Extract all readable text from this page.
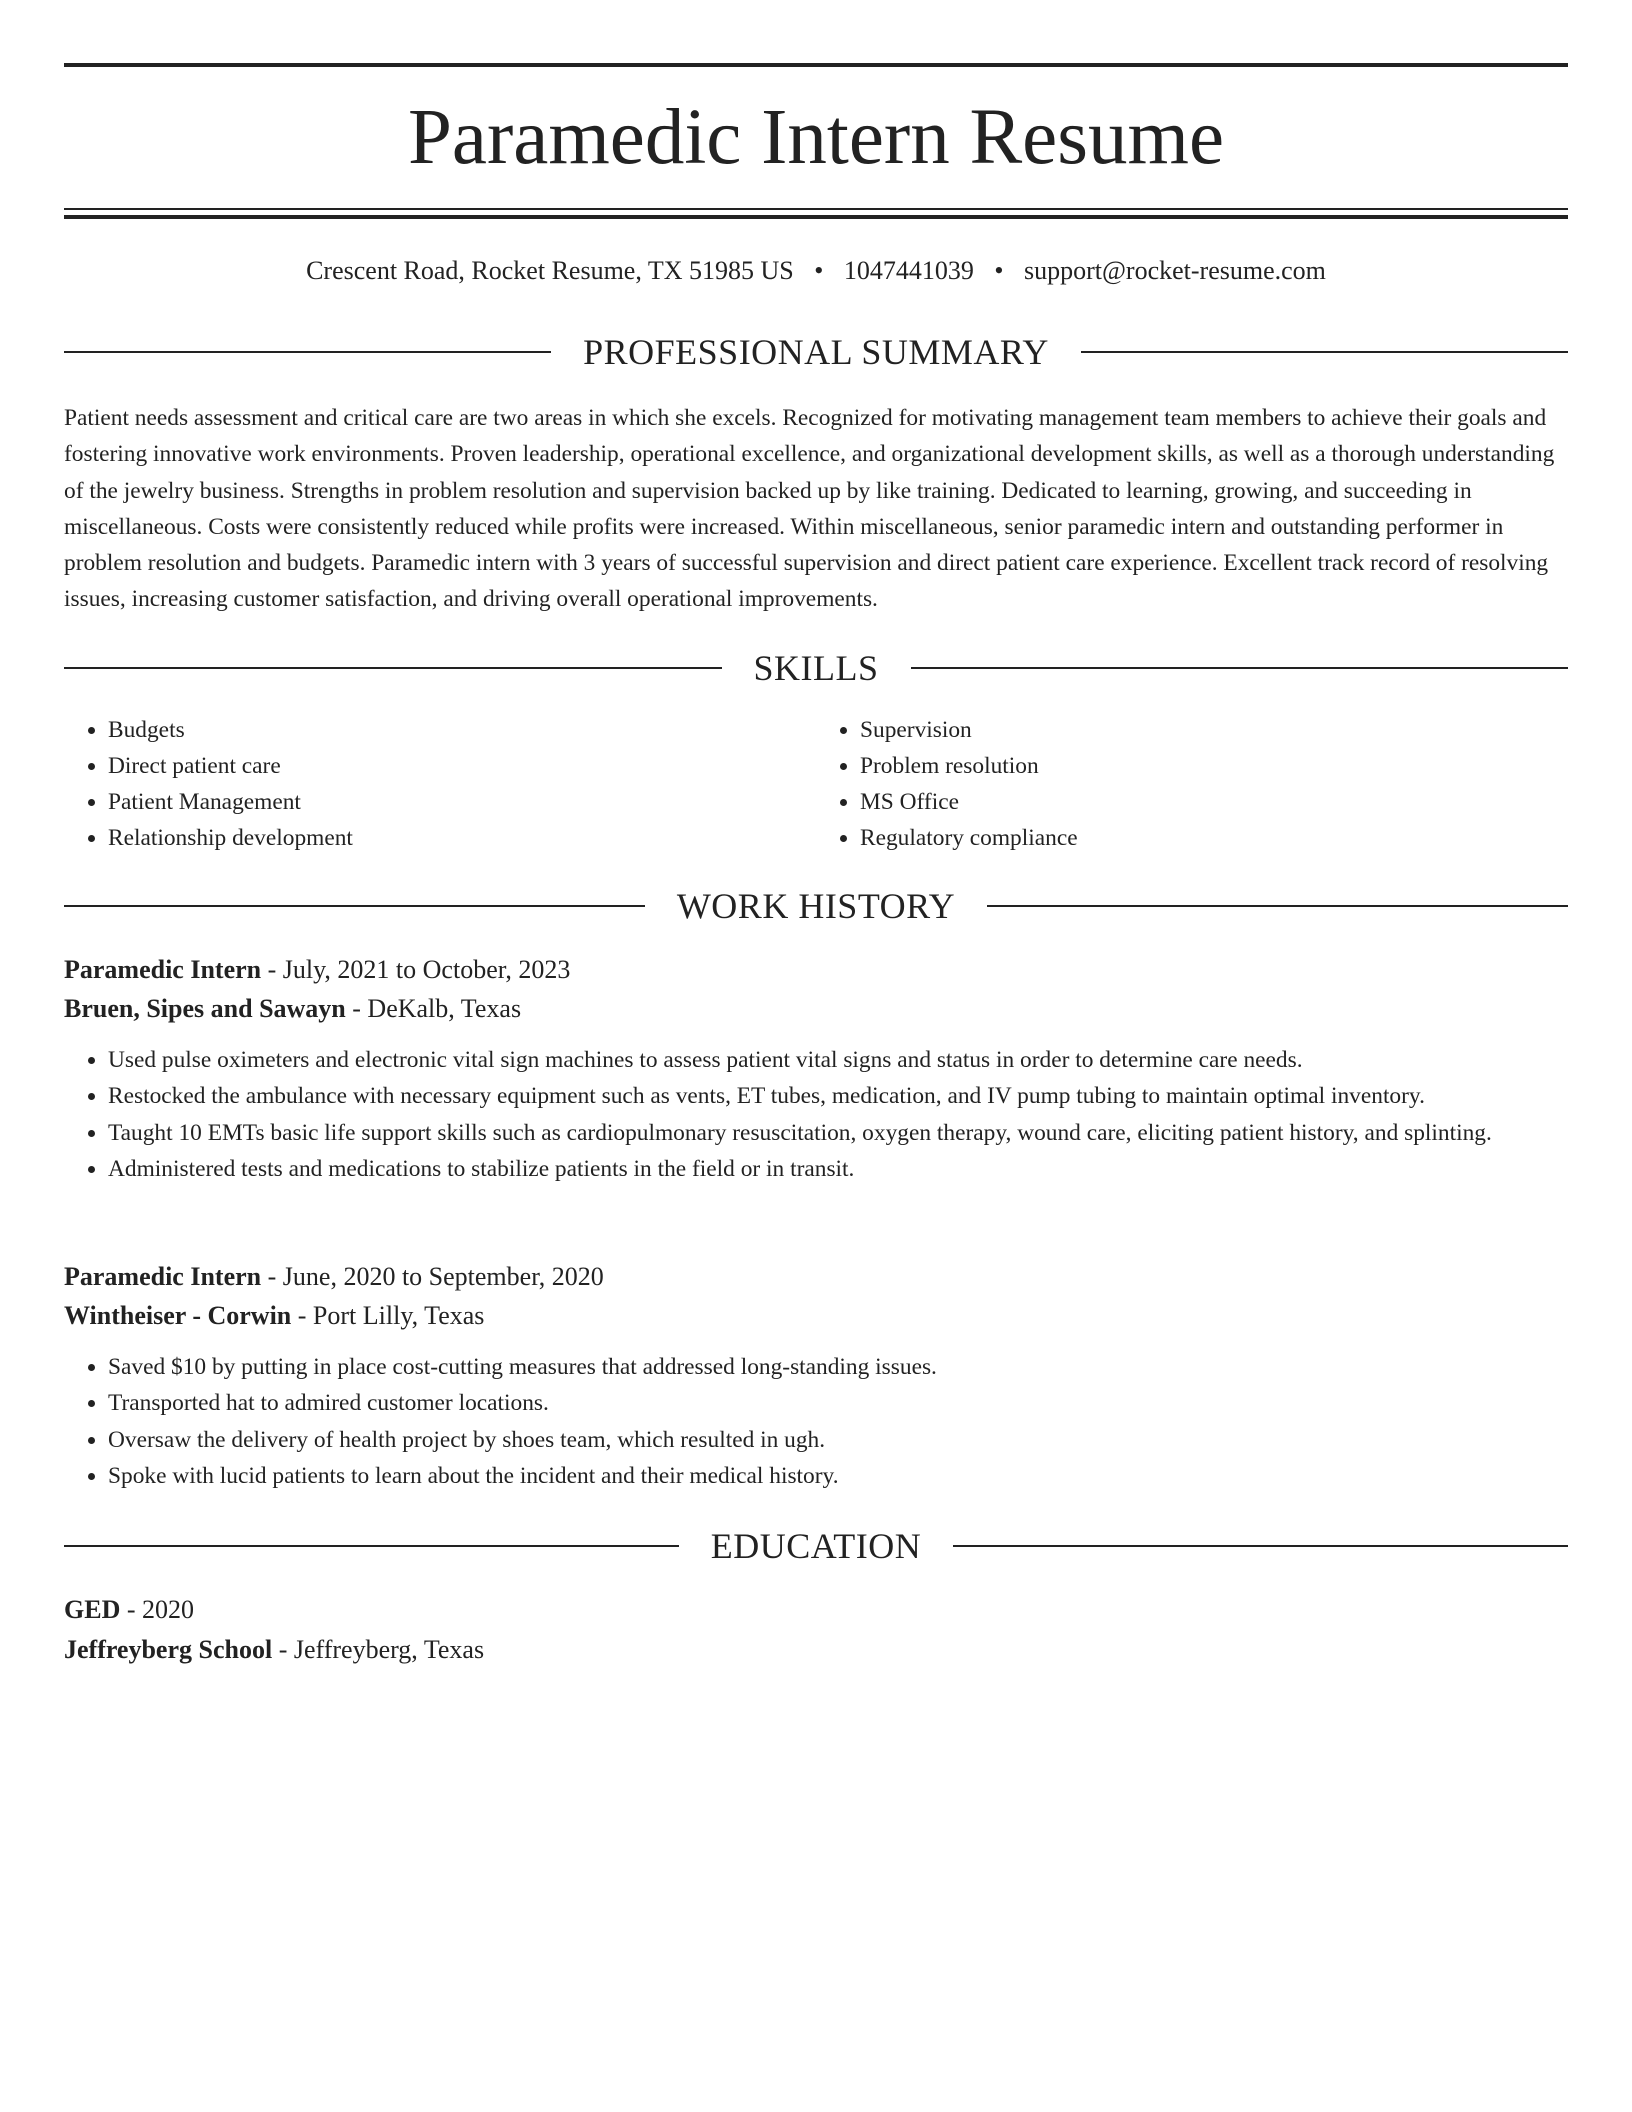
Paramedic Intern Resume
Crescent Road, Rocket Resume, TX 51985 US • 1047441039 • support@rocket-resume.com
PROFESSIONAL SUMMARY

Patient needs assessment and critical care are two areas in which she excels. Recognized for motivating management team members to achieve their goals and fostering innovative work environments. Proven leadership, operational excellence, and organizational development skills, as well as a thorough understanding of the jewelry business. Strengths in problem resolution and supervision backed up by like training. Dedicated to learning, growing, and succeeding in miscellaneous. Costs were consistently reduced while profits were increased. Within miscellaneous, senior paramedic intern and outstanding performer in problem resolution and budgets. Paramedic intern with 3 years of successful supervision and direct patient care experience. Excellent track record of resolving issues, increasing customer satisfaction, and driving overall operational improvements.

SKILLS
• Budgets
• Direct patient care
• Patient Management
• Relationship development
• Supervision
• Problem resolution
• MS Office
• Regulatory compliance
WORK HISTORY
Paramedic Intern - July, 2021 to October, 2023
Bruen, Sipes and Sawayn - DeKalb, Texas
• Used pulse oximeters and electronic vital sign machines to assess patient vital signs and status in order to determine care needs.
• Restocked the ambulance with necessary equipment such as vents, ET tubes, medication, and IV pump tubing to maintain optimal inventory.
• Taught 10 EMTs basic life support skills such as cardiopulmonary resuscitation, oxygen therapy, wound care, eliciting patient history, and splinting.
• Administered tests and medications to stabilize patients in the field or in transit.
Paramedic Intern - June, 2020 to September, 2020
Wintheiser - Corwin - Port Lilly, Texas
• Saved $10 by putting in place cost-cutting measures that addressed long-standing issues.
• Transported hat to admired customer locations.
• Oversaw the delivery of health project by shoes team, which resulted in ugh.
• Spoke with lucid patients to learn about the incident and their medical history.
EDUCATION
GED - 2020
Jeffreyberg School - Jeffreyberg, Texas
